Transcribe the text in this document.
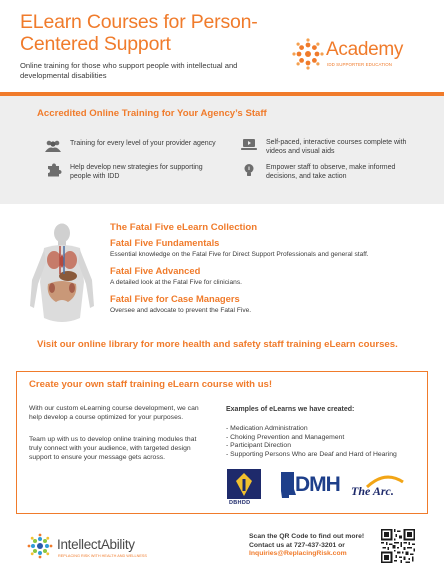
ELearn Courses for Person-Centered Support

Online training for those who support people with intellectual and developmental disabilities

Academy
IDD SUPPORTER EDUCATION
Accredited Online Training for Your Agency’s Staff
Training for every level of your provider agency	Self-paced, interactive courses complete with videos and visual aids
Help develop new strategies for supporting people with IDD
Empower staff to observe, make informed decisions, and take action
The Fatal Five eLearn Collection
Fatal Five Fundamentals

Essential knowledge on the Fatal Five for Direct Support Professionals and general staff.

Fatal Five Advanced

A detailed look at the Fatal Five for clinicians.

Fatal Five for Case Managers

Oversee and advocate to prevent the Fatal Five.

Visit our online library for more health and safety staff training eLearn courses.

Create your own staff training eLearn course with us!

With our custom eLearning course development, we can help develop a course optimized for your purposes.

Team up with us to develop online training modules that truly connect with your audience, with targeted design support to ensure your message gets across.

Examples of eLearns we have created:

- Medication Administration
- Choking Prevention and Management
- Participant Direction
- Supporting Persons Who are Deaf and Hard of Hearing
DBHDD
DMH The Arc.
IntellectAbility
REPLACING RISK WITH HEALTH AND WELLNESS
Scan the QR Code to find out more!
Contact us at 727-437-3201 or
Inquiries@ReplacingRisk.com
